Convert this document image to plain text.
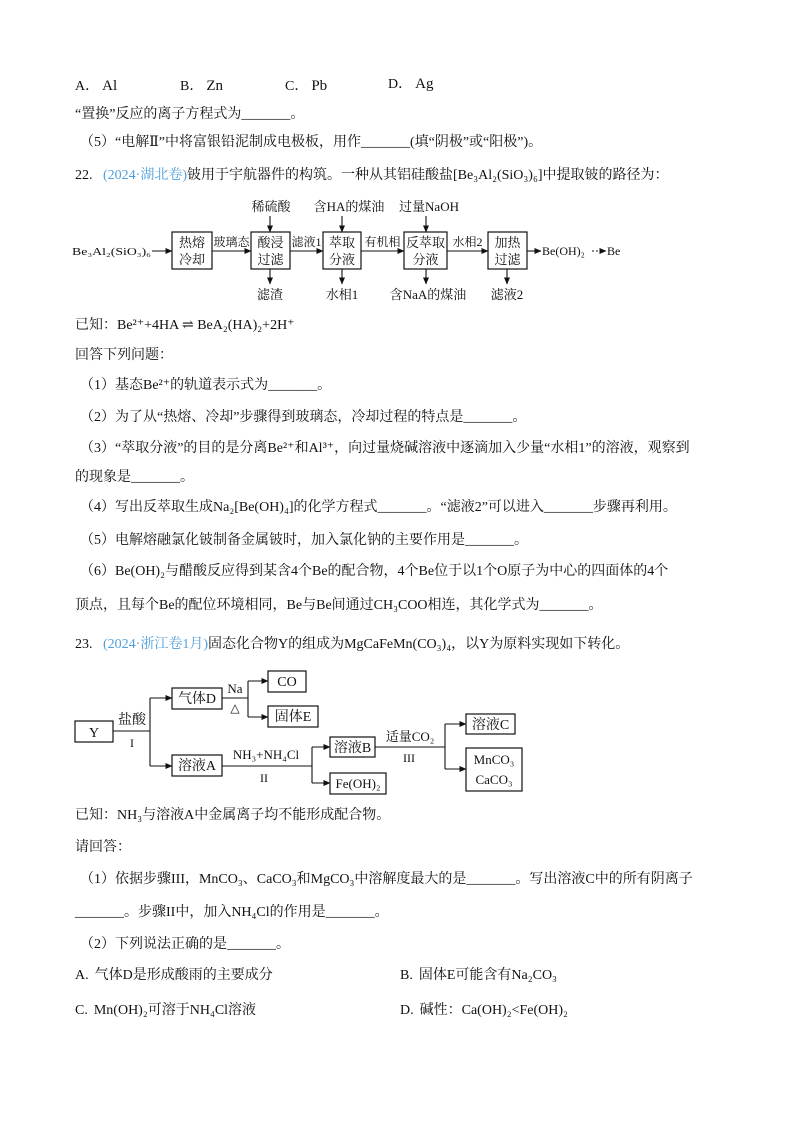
A． Al	B． Zn	C． Pb	D． Ag
“置换”反应的离子方程式为_______。
（5）“电解Ⅱ”中将富银铅泥制成电极板，用作_______(填“阴极”或“阳极”)。
22. (2024·湖北卷)铍用于宇航器件的构筑。一种从其铝硅酸盐[Be₃Al₂(SiO₃)₆]中提取铍的路径为：
稀硫酸 含HA的煤油 过量NaOH
Be₃Al₂(SiO₃)₆
热熔
冷却
玻璃态 酸浸
过滤
滤液1 萃取
分液
有机相 反萃取
分液
水相2 加热
过滤
Be(OH)₂ Be
滤渣	水相1 含NaA的煤油 滤液2
已知：Be²⁺+4HA ⇌ BeA₂(HA)₂+2H⁺
回答下列问题：
（1）基态Be²⁺的轨道表示式为_______。
（2）为了从“热熔、冷却”步骤得到玻璃态，冷却过程的特点是_______。
（3）“萃取分液”的目的是分离Be²⁺和Al³⁺，向过量烧碱溶液中逐滴加入少量“水相1”的溶液，观察到
的现象是_______。
（4）写出反萃取生成Na₂[Be(OH)₄]的化学方程式_______。“滤液2”可以进入_______步骤再利用。
（5）电解熔融氯化铍制备金属铍时，加入氯化钠的主要作用是_______。
（6）Be(OH)₂与醋酸反应得到某含4个Be的配合物，4个Be位于以1个O原子为中心的四面体的4个
顶点，且每个Be的配位环境相同，Be与Be间通过CH₃COO相连，其化学式为_______。
23. (2024·浙江卷1月)固态化合物Y的组成为MgCaFeMn(CO₃)₄，以Y为原料实现如下转化。
Y
盐酸
I
气体D
Na
△
CO
固体E
溶液A
NH₃+NH₄Cl
II
溶液B
Fe(OH)₂
适量CO₂
III
溶液C
MnCO₃
CaCO₃
已知：NH₃与溶液A中金属离子均不能形成配合物。
请回答：
（1）依据步骤III，MnCO₃、CaCO₃和MgCO₃中溶解度最大的是_______。写出溶液C中的所有阴离子
_______。步骤II中，加入NH₄Cl的作用是_______。
（2）下列说法正确的是_______。
A. 气体D是形成酸雨的主要成分	B. 固体E可能含有Na₂CO₃
C. Mn(OH)₂可溶于NH₄Cl溶液	D. 碱性：Ca(OH)₂<Fe(OH)₂
